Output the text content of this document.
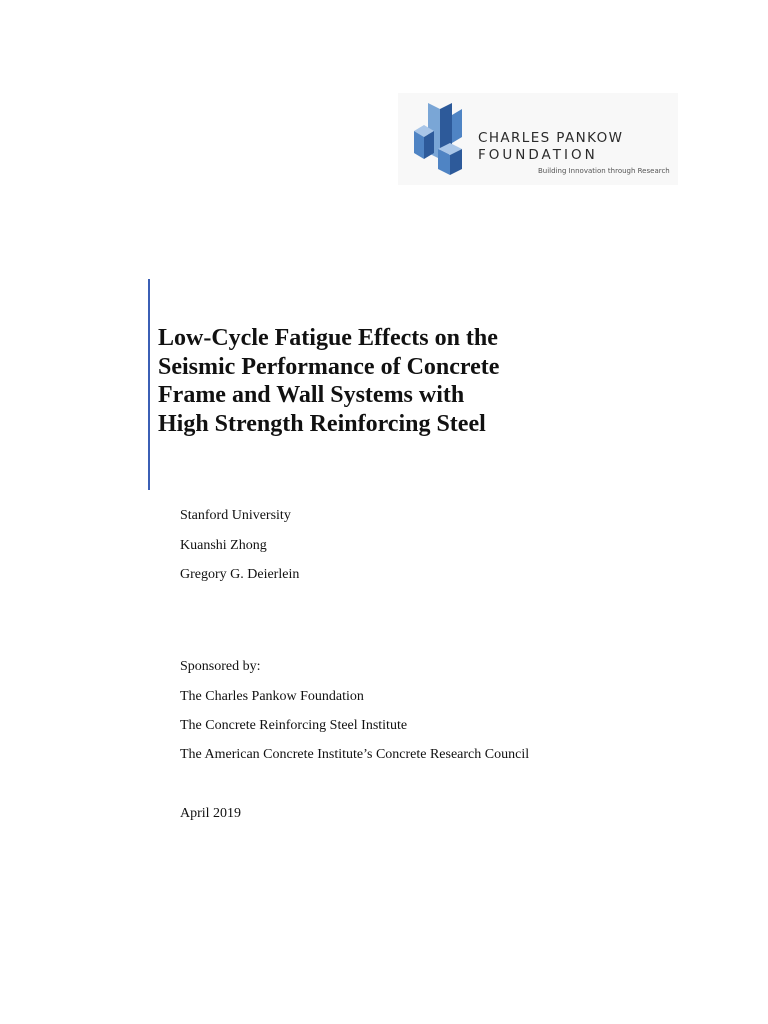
CHARLES PANKOW
FOUNDATION
Building Innovation through Research
Low-Cycle Fatigue Effects on the
Seismic Performance of Concrete
Frame and Wall Systems with
High Strength Reinforcing Steel
Stanford University
Kuanshi Zhong
Gregory G. Deierlein
Sponsored by:
The Charles Pankow Foundation
The Concrete Reinforcing Steel Institute
The American Concrete Institute’s Concrete Research Council
April 2019
